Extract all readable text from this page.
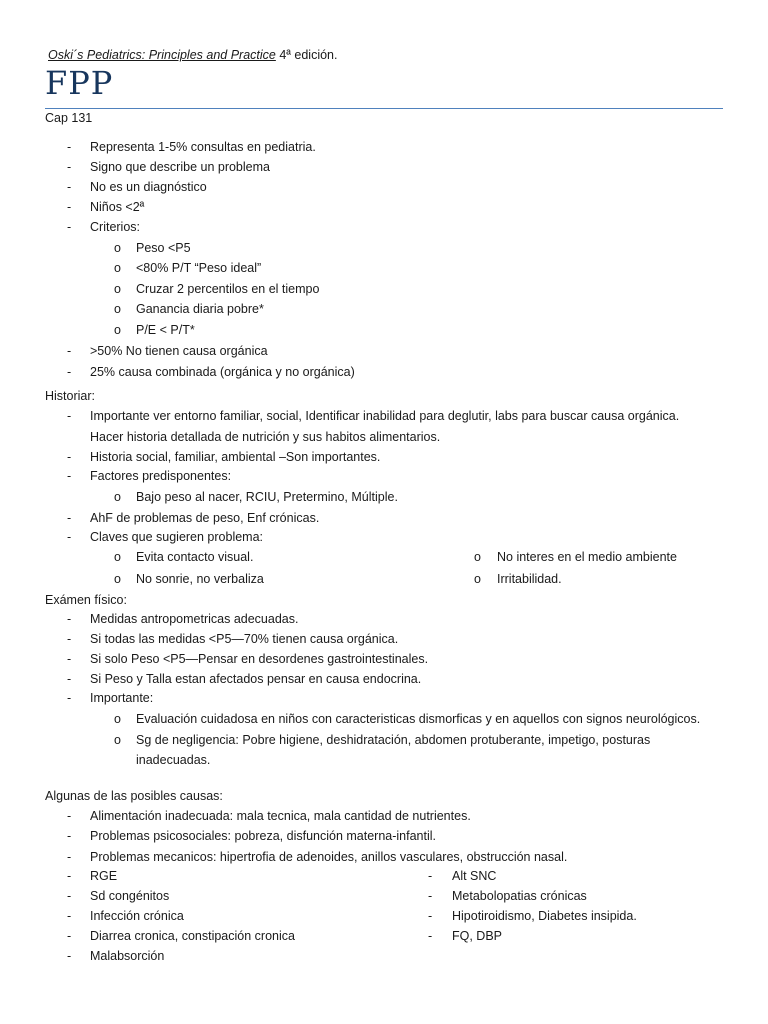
Oski´s Pediatrics: Principles and Practice 4ª edición.
FPP
Cap 131
- Representa 1-5% consultas en pediatria.
- Signo que describe un problema
- No es un diagnóstico
- Niños <2ª
- Criterios:
o Peso <P5
o <80% P/T “Peso ideal”
o Cruzar 2 percentilos en el tiempo
o Ganancia diaria pobre*
o P/E < P/T*
- >50% No tienen causa orgánica
- 25% causa combinada (orgánica y no orgánica)
Historiar:
- Importante ver entorno familiar, social, Identificar inabilidad para deglutir, labs para buscar causa orgánica.
Hacer historia detallada de nutrición y sus habitos alimentarios.
- Historia social, familiar, ambiental –Son importantes.
- Factores predisponentes:
o Bajo peso al nacer, RCIU, Pretermino, Múltiple.
- AhF de problemas de peso, Enf crónicas.
- Claves que sugieren problema:
o Evita contacto visual.	o No interes en el medio ambiente
o No sonrie, no verbaliza	o Irritabilidad.
Exámen físico:
- Medidas antropometricas adecuadas.
- Si todas las medidas <P5—70% tienen causa orgánica.
- Si solo Peso <P5—Pensar en desordenes gastrointestinales.
- Si Peso y Talla estan afectados pensar en causa endocrina.
- Importante:
o Evaluación cuidadosa en niños con caracteristicas dismorficas y en aquellos con signos neurológicos.
o Sg de negligencia: Pobre higiene, deshidratación, abdomen protuberante, impetigo, posturas
inadecuadas.
Algunas de las posibles causas:
- Alimentación inadecuada: mala tecnica, mala cantidad de nutrientes.
- Problemas psicosociales: pobreza, disfunción materna-infantil.
- Problemas mecanicos: hipertrofia de adenoides, anillos vasculares, obstrucción nasal.
- RGE	- Alt SNC
- Sd congénitos	- Metabolopatias crónicas
- Infección crónica	- Hipotiroidismo, Diabetes insipida.
- Diarrea cronica, constipación cronica	- FQ, DBP
- Malabsorción
